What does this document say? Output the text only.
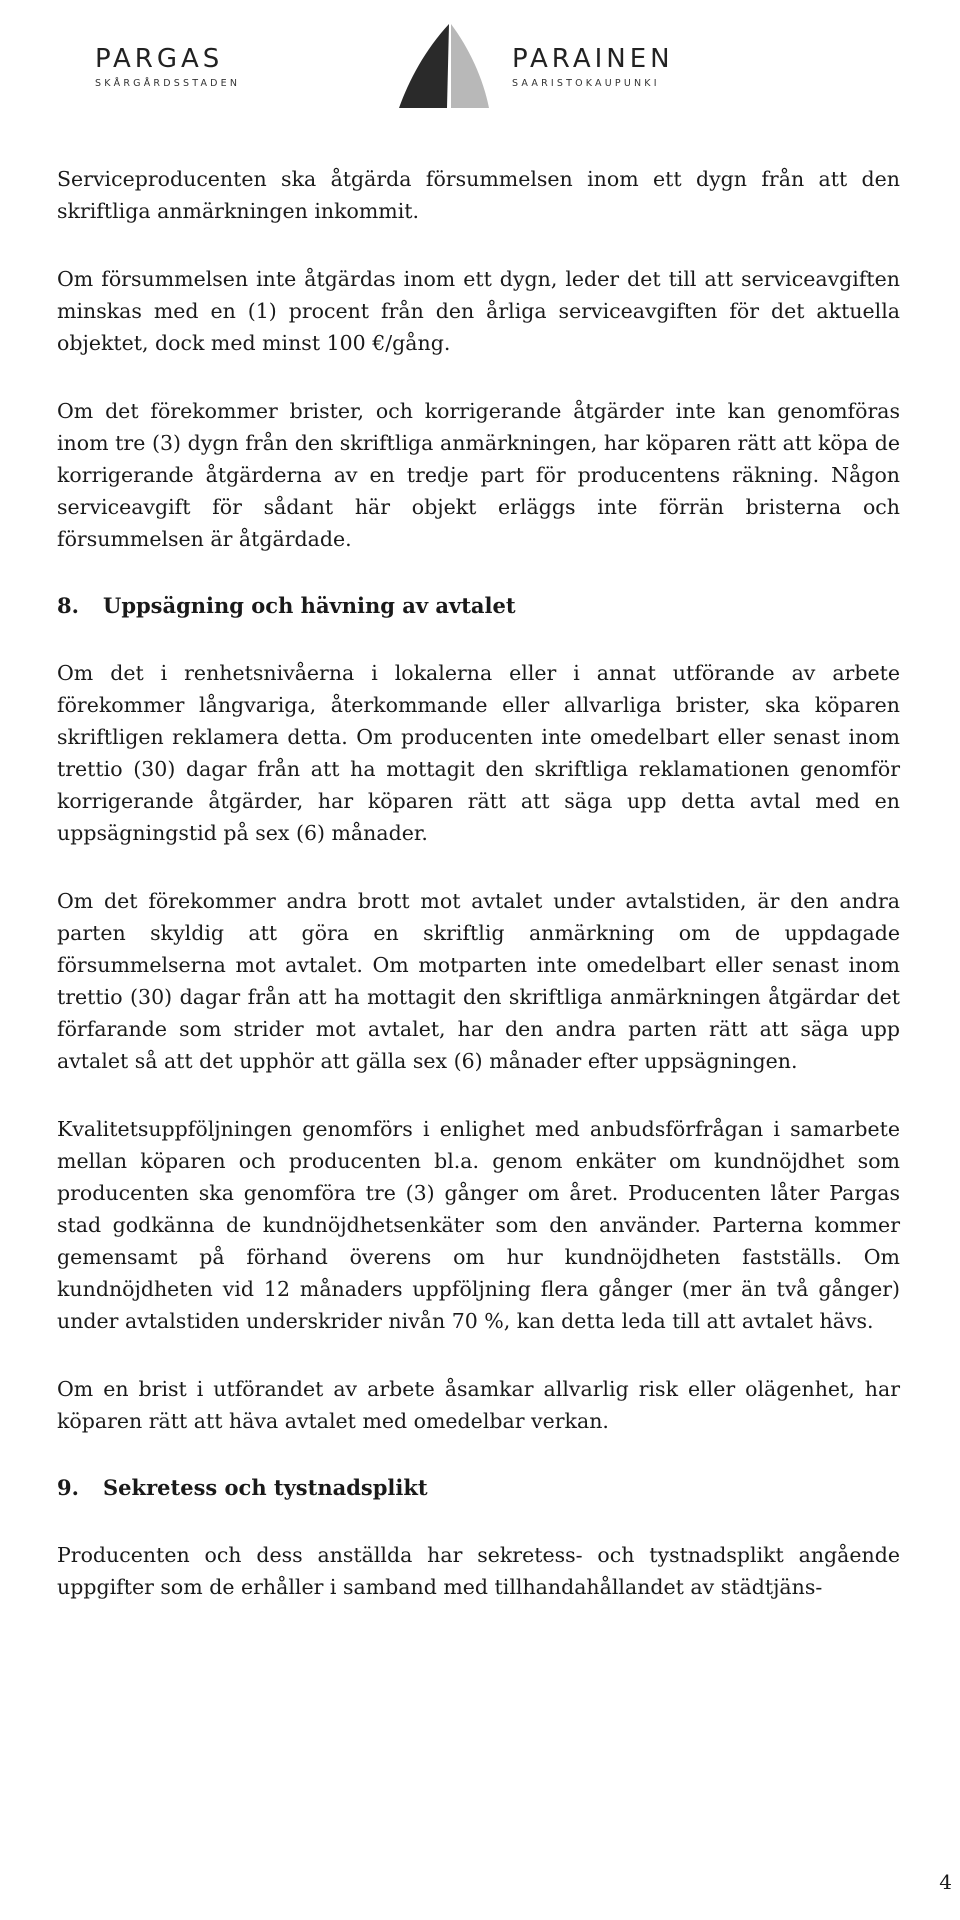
PARGAS
SKÅRGÅRDSSTADEN
PARAINEN
SAARISTOKAUPUNKI

Serviceproducenten ska åtgärda försummelsen inom ett dygn från att den skriftliga anmärkningen inkommit.

Om försummelsen inte åtgärdas inom ett dygn, leder det till att serviceavgiften minskas med en (1) procent från den årliga serviceavgiften för det aktuella objektet, dock med minst 100 €/gång.

Om det förekommer brister, och korrigerande åtgärder inte kan genomföras inom tre (3) dygn från den skriftliga anmärkningen, har köparen rätt att köpa de korrigerande åtgärderna av en tredje part för producentens räkning. Någon serviceavgift för sådant här objekt erläggs inte förrän bristerna och försummelsen är åtgärdade.

8.	Uppsägning och hävning av avtalet

Om det i renhetsnivåerna i lokalerna eller i annat utförande av arbete förekommer långvariga, återkommande eller allvarliga brister, ska köparen skriftligen reklamera detta. Om producenten inte omedelbart eller senast inom trettio (30) dagar från att ha mottagit den skriftliga reklamationen genomför korrigerande åtgärder, har köparen rätt att säga upp detta avtal med en uppsägningstid på sex (6) månader.

Om det förekommer andra brott mot avtalet under avtalstiden, är den andra parten skyldig att göra en skriftlig anmärkning om de uppdagade försummelserna mot avtalet. Om motparten inte omedelbart eller senast inom trettio (30) dagar från att ha mottagit den skriftliga anmärkningen åtgärdar det förfarande som strider mot avtalet, har den andra parten rätt att säga upp avtalet så att det upphör att gälla sex (6) månader efter uppsägningen.

Kvalitetsuppföljningen genomförs i enlighet med anbudsförfrågan i samarbete mellan köparen och producenten bl.a. genom enkäter om kundnöjdhet som producenten ska genomföra tre (3) gånger om året. Producenten låter Pargas stad godkänna de kundnöjdhetsenkäter som den använder. Parterna kommer gemensamt på förhand överens om hur kundnöjdheten fastställs. Om kundnöjdheten vid 12 månaders uppföljning flera gånger (mer än två gånger) under avtalstiden underskrider nivån 70 %, kan detta leda till att avtalet hävs.

Om en brist i utförandet av arbete åsamkar allvarlig risk eller olägenhet, har köparen rätt att häva avtalet med omedelbar verkan.

9.	Sekretess och tystnadsplikt

Producenten och dess anställda har sekretess- och tystnadsplikt angående uppgifter som de erhåller i samband med tillhandahållandet av städtjäns-

4
